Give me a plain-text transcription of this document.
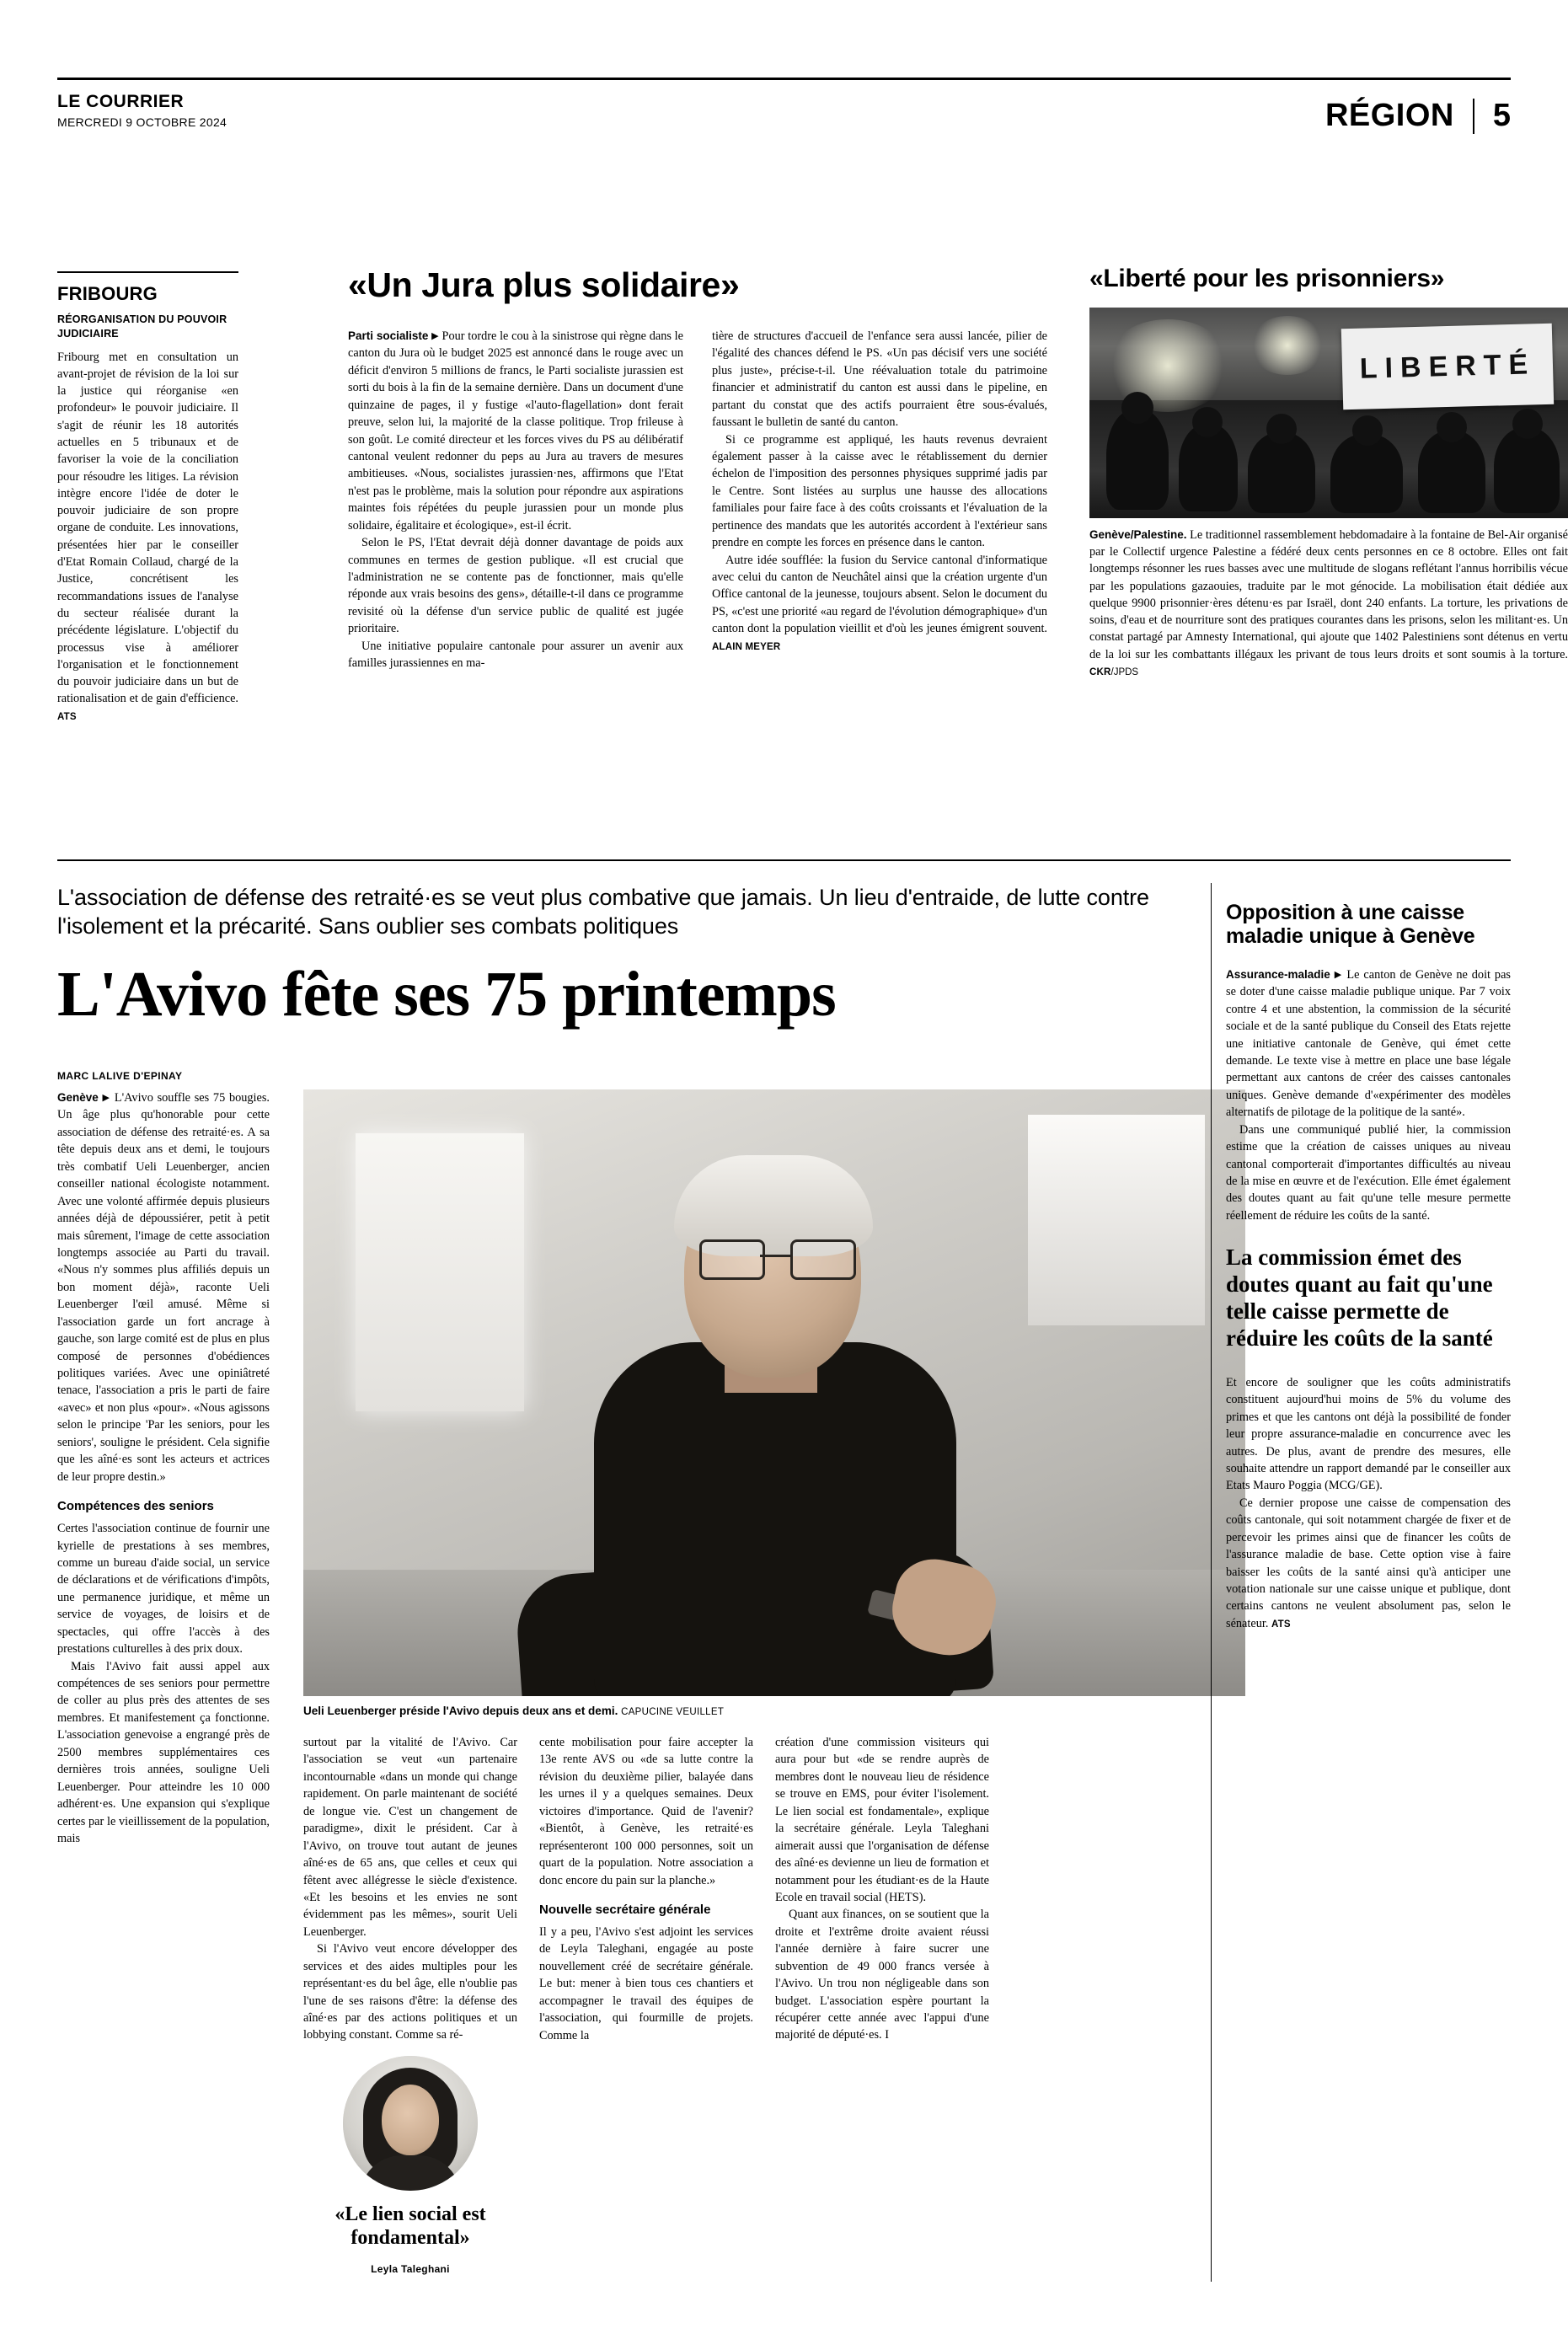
LE COURRIER
MERCREDI 9 OCTOBRE 2024	RÉGION 5
FRIBOURG
RÉORGANISATION DU POUVOIR JUDICIAIRE
Fribourg met en consultation un avant-projet de révision de la loi sur la justice qui réorganise «en profondeur» le pouvoir judiciaire. Il s'agit de réunir les 18 autorités actuelles en 5 tribunaux et de favoriser la voie de la conciliation pour résoudre les litiges. La révision intègre encore l'idée de doter le pouvoir judiciaire de son propre organe de conduite. Les innovations, présentées hier par le conseiller d'Etat Romain Collaud, chargé de la Justice, concrétisent les recommandations issues de l'analyse du secteur réalisée durant la précédente législature. L'objectif du processus vise à améliorer l'organisation et le fonctionnement du pouvoir judiciaire dans un but de rationalisation et de gain d'efficience. ATS
«Un Jura plus solidaire»

Parti socialiste ▶ Pour tordre le cou à la sinistrose qui règne dans le canton du Jura où le budget 2025 est annoncé dans le rouge avec un déficit d'environ 5 millions de francs, le Parti socialiste jurassien est sorti du bois à la fin de la semaine dernière. Dans un document d'une quinzaine de pages, il y fustige «l'auto-flagellation» dont ferait preuve, selon lui, la majorité de la classe politique. Trop frileuse à son goût. Le comité directeur et les forces vives du PS au délibératif cantonal veulent redonner du peps au Jura au travers de mesures ambitieuses. «Nous, socialistes jurassien·nes, affirmons que l'Etat n'est pas le problème, mais la solution pour répondre aux aspirations maintes fois répétées du peuple jurassien pour un monde plus solidaire, égalitaire et écologique», est-il écrit.

Selon le PS, l'Etat devrait déjà donner davantage de poids aux communes en termes de gestion publique. «Il est crucial que l'administration ne se contente pas de fonctionner, mais qu'elle réponde aux vrais besoins des gens», détaille-t-il dans ce programme revisité où la défense d'un service public de qualité est jugée prioritaire.

Une initiative populaire cantonale pour assurer un avenir aux familles jurassiennes en ma-

tière de structures d'accueil de l'enfance sera aussi lancée, pilier de l'égalité des chances défend le PS. «Un pas décisif vers une société plus juste», précise-t-il. Une réévaluation totale du patrimoine financier et administratif du canton est aussi dans le pipeline, en partant du constat que des actifs pourraient être sous-évalués, faussant le bulletin de santé du canton.

Si ce programme est appliqué, les hauts revenus devraient également passer à la caisse avec le rétablissement du dernier échelon de l'imposition des personnes physiques supprimé jadis par le Centre. Sont listées au surplus une hausse des allocations familiales pour faire face à des coûts croissants et l'évaluation de la pertinence des mandats que les autorités accordent à l'extérieur sans prendre en compte les forces en présence dans le canton.

Autre idée soufflée: la fusion du Service cantonal d'informatique avec celui du canton de Neuchâtel ainsi que la création urgente d'un Office cantonal de la jeunesse, toujours absent. Selon le document du PS, «c'est une priorité «au regard de l'évolution démographique» d'un canton dont la population vieillit et d'où les jeunes émigrent souvent. ALAIN MEYER

«Liberté pour les prisonniers»
LIBERTÉ
Genève/Palestine. Le traditionnel rassemblement hebdomadaire à la fontaine de Bel-Air organisé par le Collectif urgence Palestine a fédéré deux cents personnes en ce 8 octobre. Elles ont fait longtemps résonner les rues basses avec une multitude de slogans reflétant l'annus horribilis vécue par les populations gazaouies, traduite par le mot génocide. La mobilisation était dédiée aux quelque 9900 prisonnier·ères détenu·es par Israël, dont 240 enfants. La torture, les privations de soins, d'eau et de nourriture sont des pratiques courantes dans les prisons, selon les militant·es. Un constat partagé par Amnesty International, qui ajoute que 1402 Palestiniens sont détenus en vertu de la loi sur les combattants illégaux les privant de tous leurs droits et sont soumis à la torture. CKR/JPDS
L'association de défense des retraité·es se veut plus combative que jamais. Un lieu d'entraide, de lutte contre l'isolement et la précarité. Sans oublier ses combats politiques
L'Avivo fête ses 75 printemps
MARC LALIVE D'EPINAY
Ueli Leuenberger préside l'Avivo depuis deux ans et demi. CAPUCINE VEUILLET

Genève ▶ L'Avivo souffle ses 75 bougies. Un âge plus qu'honorable pour cette association de défense des retraité·es. A sa tête depuis deux ans et demi, le toujours très combatif Ueli Leuenberger, ancien conseiller national écologiste notamment. Avec une volonté affirmée depuis plusieurs années déjà de dépoussiérer, petit à petit mais sûrement, l'image de cette association longtemps associée au Parti du travail. «Nous n'y sommes plus affiliés depuis un bon moment déjà», raconte Ueli Leuenberger l'œil amusé. Même si l'association garde un fort ancrage à gauche, son large comité est de plus en plus composé de personnes d'obédiences politiques variées. Avec une opiniâtreté tenace, l'association a pris le parti de faire «avec» et non plus «pour». «Nous agissons selon le principe 'Par les seniors, pour les seniors', souligne le président. Cela signifie que les aîné·es sont les acteurs et actrices de leur propre destin.»

Compétences des seniors

Certes l'association continue de fournir une kyrielle de prestations à ses membres, comme un bureau d'aide social, un service de déclarations et de vérifications d'impôts, une permanence juridique, et même un service de voyages, de loisirs et de spectacles, qui offre l'accès à des prestations culturelles à des prix doux.

Mais l'Avivo fait aussi appel aux compétences de ses seniors pour permettre de coller au plus près des attentes de ses membres. Et manifestement ça fonctionne. L'association genevoise a engrangé près de 2500 membres supplémentaires ces dernières trois années, souligne Ueli Leuenberger. Pour atteindre les 10 000 adhérent·es. Une expansion qui s'explique certes par le vieillissement de la population, mais

surtout par la vitalité de l'Avivo. Car l'association se veut «un partenaire incontournable «dans un monde qui change rapidement. On parle maintenant de société de longue vie. C'est un changement de paradigme», dixit le président. Car à l'Avivo, on trouve tout autant de jeunes aîné·es de 65 ans, que celles et ceux qui fêtent avec allégresse le siècle d'existence. «Et les besoins et les envies ne sont évidemment pas les mêmes», sourit Ueli Leuenberger.

Si l'Avivo veut encore développer des services et des aides multiples pour les représentant·es du bel âge, elle n'oublie pas l'une de ses raisons d'être: la défense des aîné·es par des actions politiques et un lobbying constant. Comme sa ré-

«Le lien social est fondamental»
Leyla Taleghani

cente mobilisation pour faire accepter la 13e rente AVS ou «de sa lutte contre la révision du deuxième pilier, balayée dans les urnes il y a quelques semaines. Deux victoires d'importance. Quid de l'avenir? «Bientôt, à Genève, les retraité·es représenteront 100 000 personnes, soit un quart de la population. Notre association a donc encore du pain sur la planche.»

Nouvelle secrétaire générale

Il y a peu, l'Avivo s'est adjoint les services de Leyla Taleghani, engagée au poste nouvellement créé de secrétaire générale. Le but: mener à bien tous ces chantiers et accompagner le travail des équipes de l'association, qui fourmille de projets. Comme la

création d'une commission visiteurs qui aura pour but «de se rendre auprès de membres dont le nouveau lieu de résidence se trouve en EMS, pour éviter l'isolement. Le lien social est fondamentale», explique la secrétaire générale. Leyla Taleghani aimerait aussi que l'organisation de défense des aîné·es devienne un lieu de formation et notamment pour les étudiant·es de la Haute Ecole en travail social (HETS).

Quant aux finances, on se soutient que la droite et l'extrême droite avaient réussi l'année dernière à faire sucrer une subvention de 49 000 francs versée à l'Avivo. Un trou non négligeable dans son budget. L'association espère pourtant la récupérer cette année avec l'appui d'une majorité de député·es. I

Opposition à une caisse maladie unique à Genève

Assurance-maladie ▶ Le canton de Genève ne doit pas se doter d'une caisse maladie publique unique. Par 7 voix contre 4 et une abstention, la commission de la sécurité sociale et de la santé publique du Conseil des Etats rejette une initiative cantonale de Genève, qui émet cette demande. Le texte vise à mettre en place une base légale permettant aux cantons de créer des caisses cantonales uniques. Genève demande d'«expérimenter des modèles alternatifs de pilotage de la politique de la santé».

Dans une communiqué publié hier, la commission estime que la création de caisses uniques au niveau cantonal comporterait d'importantes difficultés au niveau de la mise en œuvre et de l'exécution. Elle émet également des doutes quant au fait qu'une telle mesure permette réellement de réduire les coûts de la santé.

La commission émet des doutes quant au fait qu'une telle caisse permette de réduire les coûts de la santé

Et encore de souligner que les coûts administratifs constituent aujourd'hui moins de 5% du volume des primes et que les cantons ont déjà la possibilité de fonder leur propre assurance-maladie en concurrence avec les autres. De plus, avant de prendre des mesures, elle souhaite attendre un rapport demandé par le conseiller aux Etats Mauro Poggia (MCG/GE).

Ce dernier propose une caisse de compensation des coûts cantonale, qui soit notamment chargée de fixer et de percevoir les primes ainsi que de financer les coûts de l'assurance maladie de base. Cette option vise à faire baisser les coûts de la santé ainsi qu'à anticiper une votation nationale sur une caisse unique et publique, dont certains cantons ne veulent absolument pas, selon le sénateur. ATS
